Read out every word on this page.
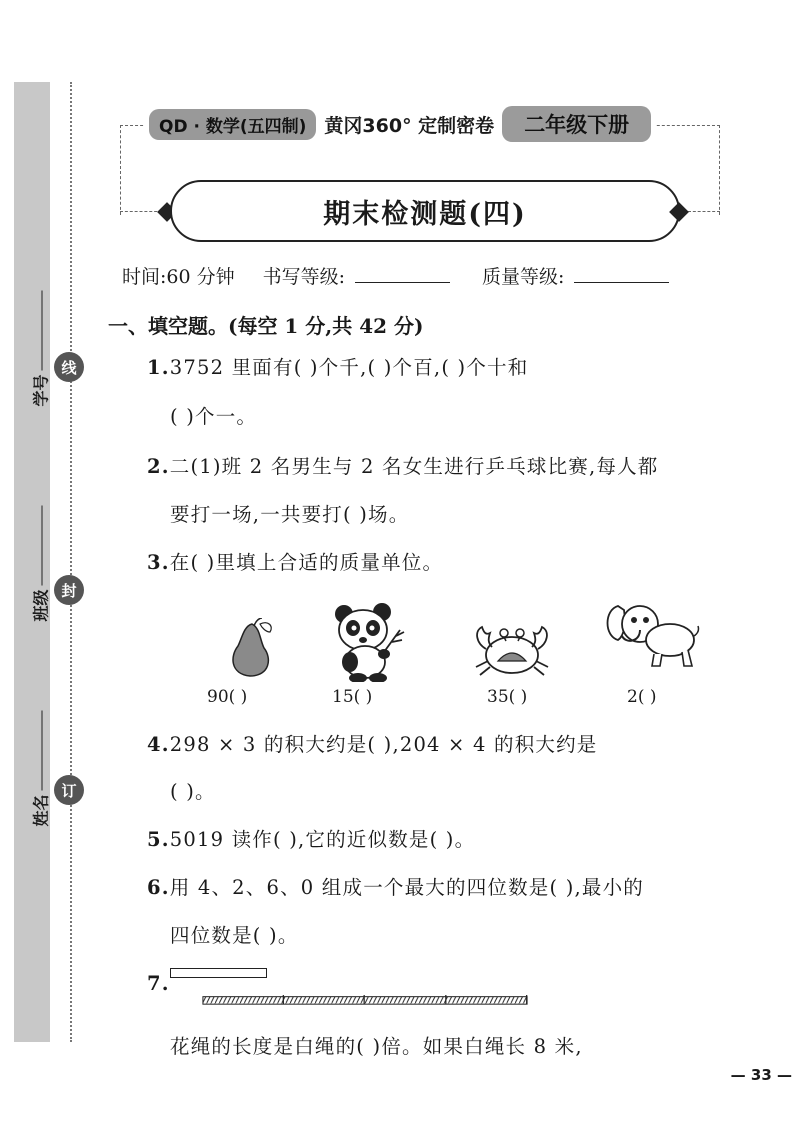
线
封
订
学号
班级
姓名
QD · 数学(五四制) 黄冈360° 定制密卷	二年级下册
期末检测题(四)
时间:60 分钟 书写等级:	质量等级:
一、填空题。(每空 1 分,共 42 分)
1.3752 里面有( )个千,( )个百,( )个十和
( )个一。
2.二(1)班 2 名男生与 2 名女生进行乒乓球比赛,每人都
要打一场,一共要打( )场。
3.在( )里填上合适的质量单位。
90( )	15( )	35( )	2( )
4.298 × 3 的积大约是( ),204 × 4 的积大约是
( )。
5.5019 读作( ),它的近似数是( )。
6.用 4、2、6、0 组成一个最大的四位数是( ),最小的
四位数是( )。
7.
花绳的长度是白绳的( )倍。如果白绳长 8 米,
— 33 —
